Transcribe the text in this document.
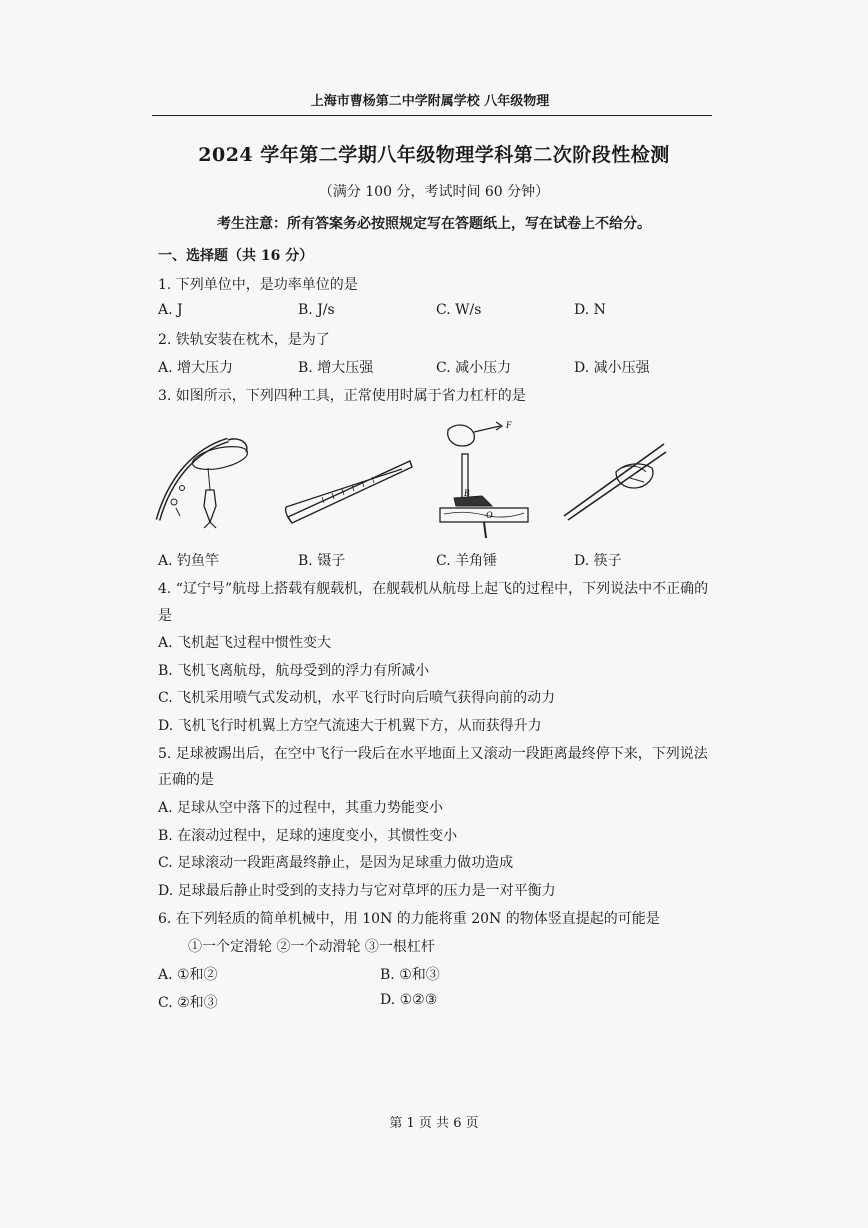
上海市曹杨第二中学附属学校 八年级物理
2024 学年第二学期八年级物理学科第二次阶段性检测
（满分 100 分，考试时间 60 分钟）
考生注意：所有答案务必按照规定写在答题纸上，写在试卷上不给分。
一、选择题（共 16 分）
1. 下列单位中，是功率单位的是
A. J	B. J/s	C. W/s	D. N
2. 铁轨安装在枕木，是为了
A. 增大压力	B. 增大压强	C. 减小压力	D. 减小压强
3. 如图所示，下列四种工具，正常使用时属于省力杠杆的是
F
B
O
A. 钓鱼竿	B. 镊子	C. 羊角锤	D. 筷子
4. “辽宁号”航母上搭载有舰载机，在舰载机从航母上起飞的过程中，下列说法中不正确的
是
A. 飞机起飞过程中惯性变大
B. 飞机飞离航母，航母受到的浮力有所减小
C. 飞机采用喷气式发动机，水平飞行时向后喷气获得向前的动力
D. 飞机飞行时机翼上方空气流速大于机翼下方，从而获得升力
5. 足球被踢出后，在空中飞行一段后在水平地面上又滚动一段距离最终停下来，下列说法
正确的是
A. 足球从空中落下的过程中，其重力势能变小
B. 在滚动过程中，足球的速度变小，其惯性变小
C. 足球滚动一段距离最终静止，是因为足球重力做功造成
D. 足球最后静止时受到的支持力与它对草坪的压力是一对平衡力
6. 在下列轻质的简单机械中，用 10N 的力能将重 20N 的物体竖直提起的可能是
①一个定滑轮 ②一个动滑轮 ③一根杠杆
A. ①和②	B. ①和③
C. ②和③	D. ①②③
第 1 页 共 6 页
